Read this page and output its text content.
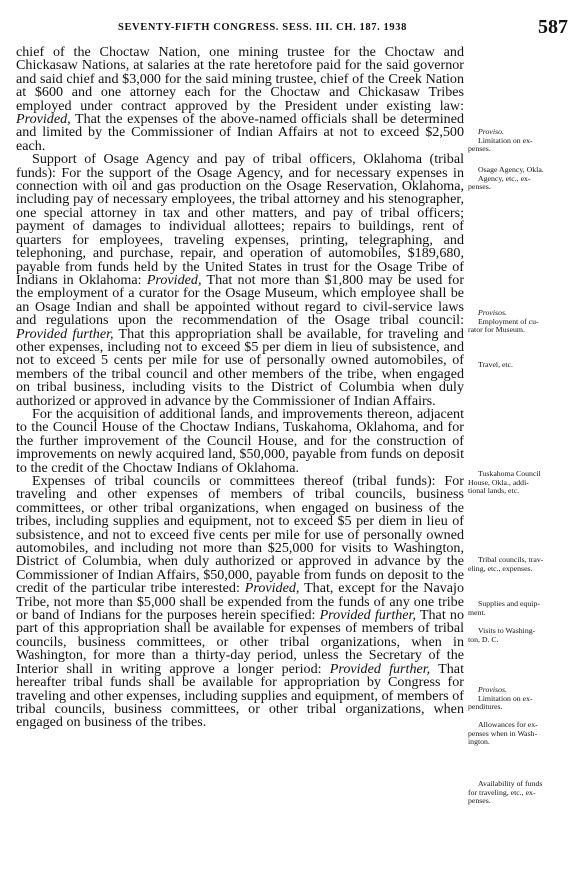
SEVENTY-FIFTH CONGRESS. SESS. III. CH. 187. 1938	587

chief of the Choctaw Nation, one mining trustee for the Choctaw and Chickasaw Nations, at salaries at the rate heretofore paid for the said governor and said chief and $3,000 for the said mining trustee, chief of the Creek Nation at $600 and one attorney each for the Choctaw and Chickasaw Tribes employed under contract approved by the President under existing law: Provided, That the expenses of the above-named officials shall be determined and limited by the Commissioner of Indian Affairs at not to exceed $2,500 each.

Support of Osage Agency and pay of tribal officers, Oklahoma (tribal funds): For the support of the Osage Agency, and for necessary expenses in connection with oil and gas production on the Osage Reservation, Oklahoma, including pay of necessary employees, the tribal attorney and his stenographer, one special attorney in tax and other matters, and pay of tribal officers; payment of damages to individual allottees; repairs to buildings, rent of quarters for employees, traveling expenses, printing, telegraphing, and telephoning, and purchase, repair, and operation of automobiles, $189,680, payable from funds held by the United States in trust for the Osage Tribe of Indians in Oklahoma: Provided, That not more than $1,800 may be used for the employment of a curator for the Osage Museum, which employee shall be an Osage Indian and shall be appointed without regard to civil-service laws and regulations upon the recommendation of the Osage tribal council: Provided further, That this appropriation shall be available, for traveling and other expenses, including not to exceed $5 per diem in lieu of subsistence, and not to exceed 5 cents per mile for use of personally owned automobiles, of members of the tribal council and other members of the tribe, when engaged on tribal business, including visits to the District of Columbia when duly authorized or approved in advance by the Commissioner of Indian Affairs.

For the acquisition of additional lands, and improvements thereon, adjacent to the Council House of the Choctaw Indians, Tuskahoma, Oklahoma, and for the further improvement of the Council House, and for the construction of improvements on newly acquired land, $50,000, payable from funds on deposit to the credit of the Choctaw Indians of Oklahoma.

Expenses of tribal councils or committees thereof (tribal funds): For traveling and other expenses of members of tribal councils, business committees, or other tribal organizations, when engaged on business of the tribes, including supplies and equipment, not to exceed $5 per diem in lieu of subsistence, and not to exceed five cents per mile for use of personally owned automobiles, and including not more than $25,000 for visits to Washington, District of Columbia, when duly authorized or approved in advance by the Commissioner of Indian Affairs, $50,000, payable from funds on deposit to the credit of the particular tribe interested: Provided, That, except for the Navajo Tribe, not more than $5,000 shall be expended from the funds of any one tribe or band of Indians for the purposes herein specified: Provided further, That no part of this appropriation shall be available for expenses of members of tribal councils, business committees, or other tribal organizations, when in Washington, for more than a thirty-day period, unless the Secretary of the Interior shall in writing approve a longer period: Provided further, That hereafter tribal funds shall be available for appropriation by Congress for traveling and other expenses, including supplies and equipment, of members of tribal councils, business committees, or other tribal organizations, when engaged on business of the tribes.

Proviso.
Limitation on ex-
penses.
Osage Agency, Okla.
Agency, etc., ex-
penses.
Provisos.
Employment of cu-
rator for Museum.
Travel, etc.
Tuskahoma Council
House, Okla., addi-
tional lands, etc.
Tribal councils, trav-
eling, etc., expenses.
Supplies and equip-
ment.
Visits to Washing-
ton, D. C.
Provisos.
Limitation on ex-
penditures.
Allowances for ex-
penses when in Wash-
ington.
Availability of funds
for traveling, etc., ex-
penses.
